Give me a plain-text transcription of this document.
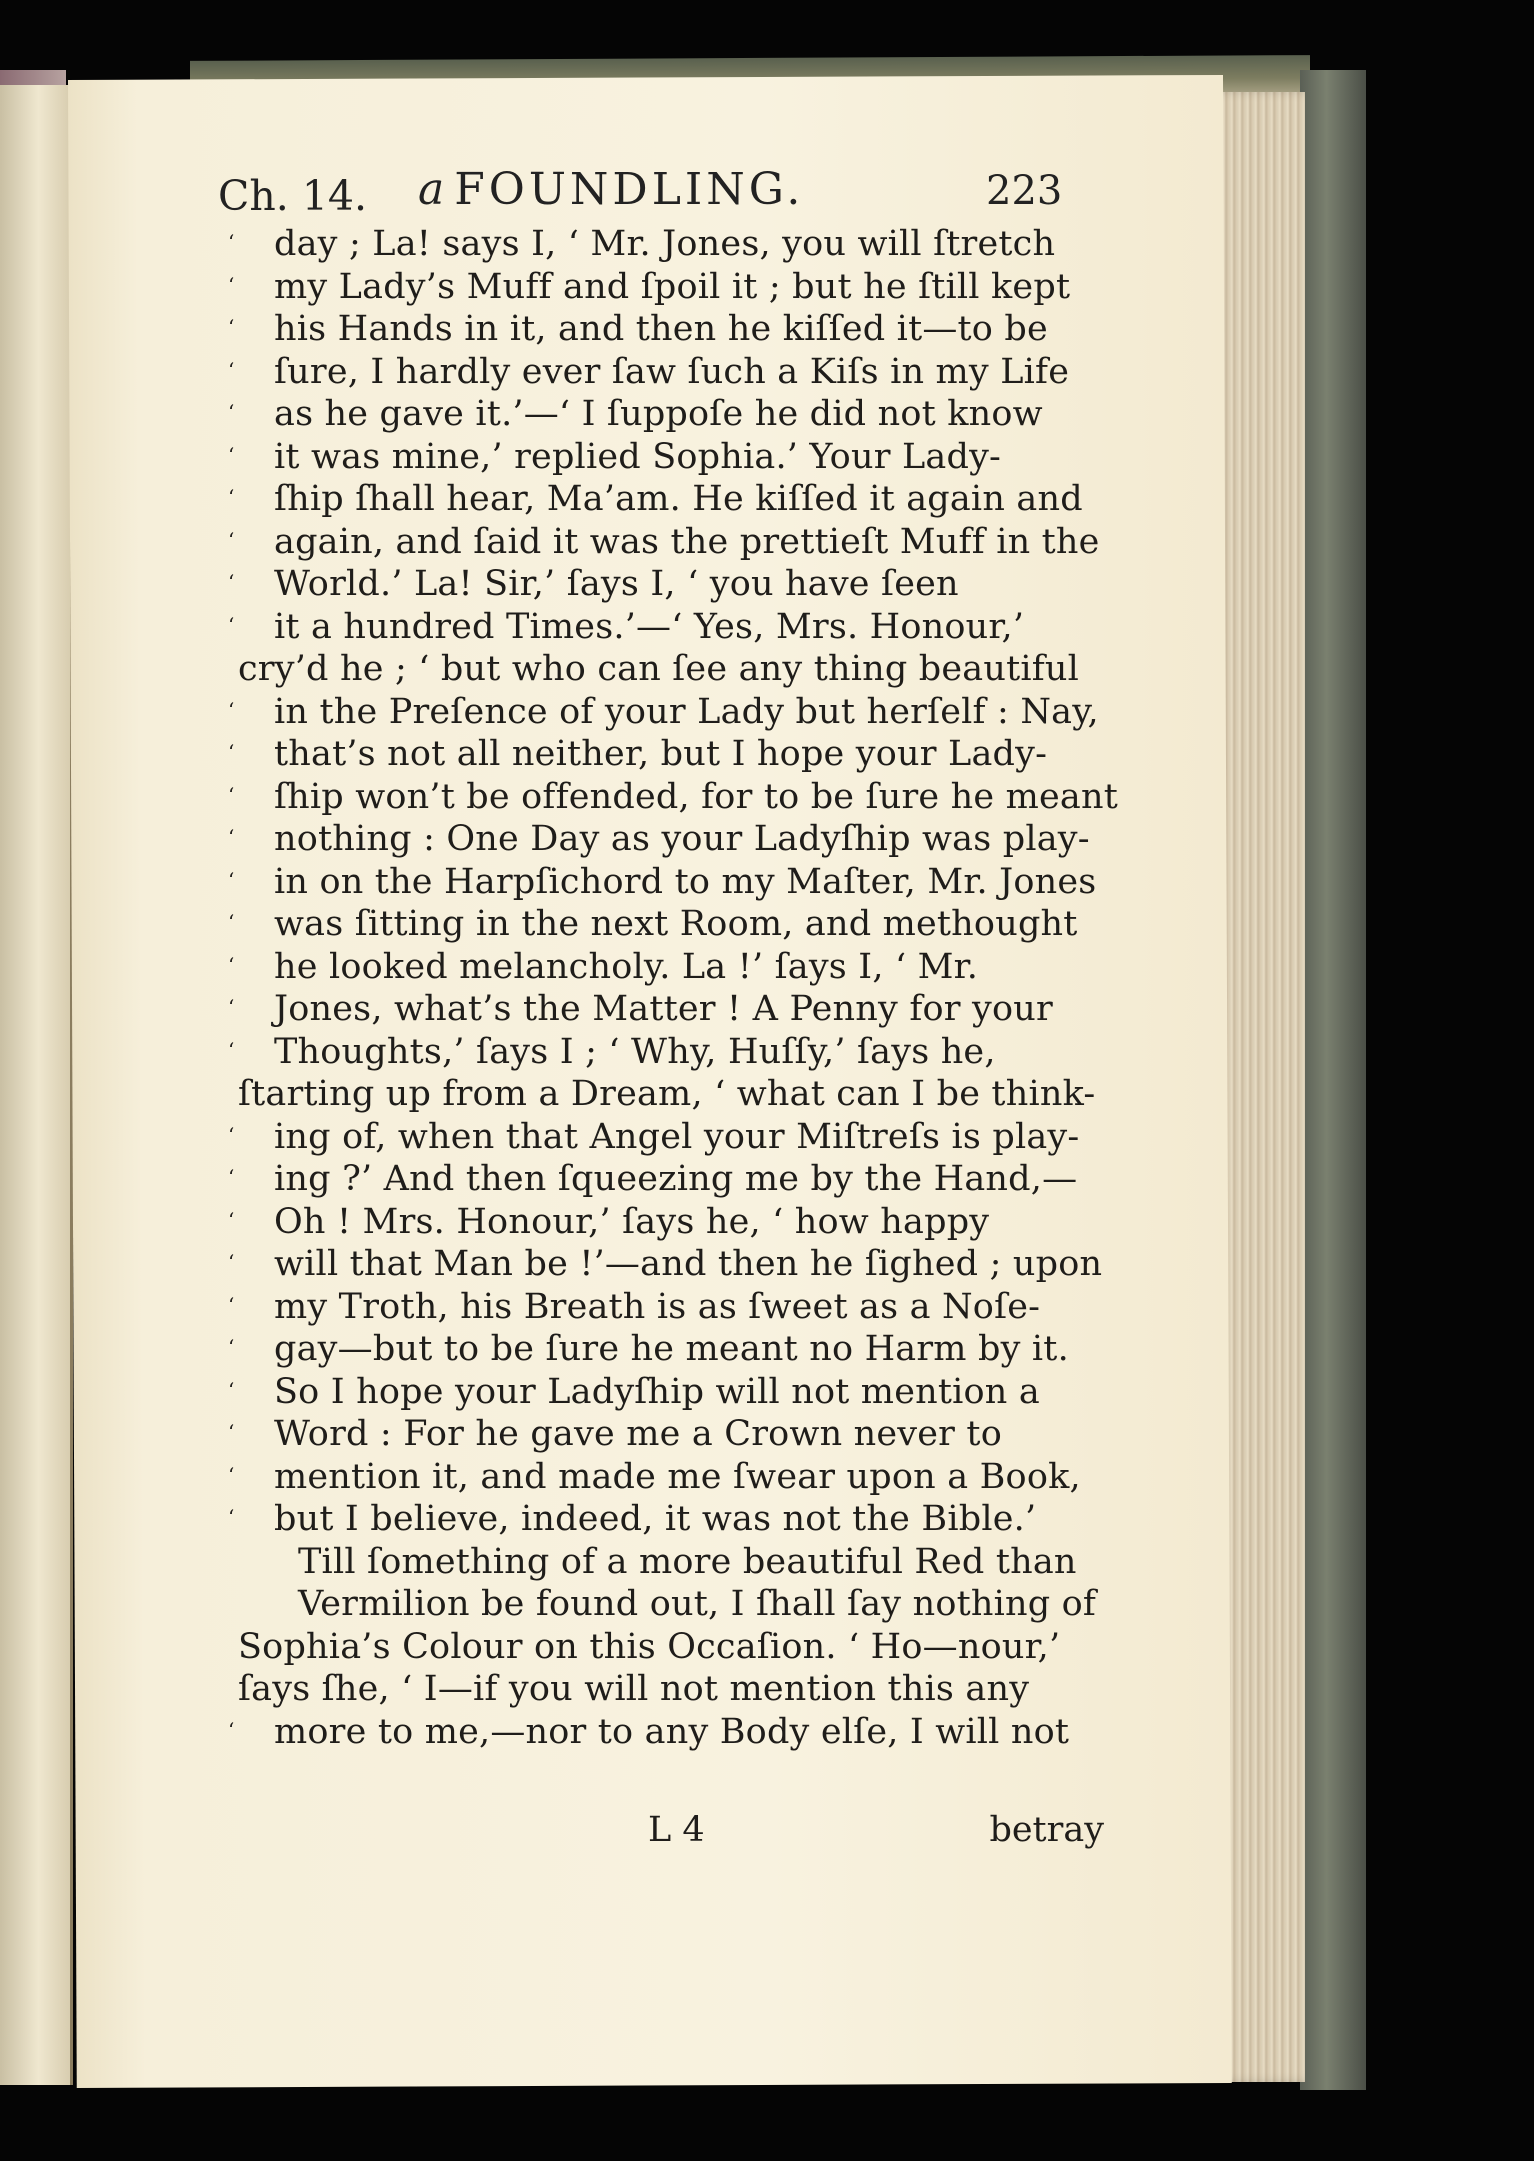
Ch. 14. a FOUNDLING.	223
‘ day ; La! says I, ‘ Mr. Jones, you will ſtretch
‘ my Lady’s Muff and ſpoil it ; but he ſtill kept
‘ his Hands in it, and then he kiſſed it—to be
‘ ſure, I hardly ever ſaw ſuch a Kiſs in my Life
‘ as he gave it.’—‘ I ſuppoſe he did not know
‘ it was mine,’ replied Sophia.’ Your Lady-
‘ ſhip ſhall hear, Ma’am. He kiſſed it again and
‘ again, and ſaid it was the prettieſt Muff in the
‘ World.’ La! Sir,’ ſays I, ‘ you have ſeen
‘ it a hundred Times.’—‘ Yes, Mrs. Honour,’
cry’d he ; ‘ but who can ſee any thing beautiful
‘ in the Preſence of your Lady but herſelf : Nay,
‘ that’s not all neither, but I hope your Lady-
‘ ſhip won’t be offended, for to be ſure he meant
‘ nothing : One Day as your Ladyſhip was play-
‘ in on the Harpſichord to my Maſter, Mr. Jones
‘ was ſitting in the next Room, and methought
‘ he looked melancholy. La !’ ſays I, ‘ Mr.
‘ Jones, what’s the Matter ! A Penny for your
‘ Thoughts,’ ſays I ; ‘ Why, Huſſy,’ ſays he,
ſtarting up from a Dream, ‘ what can I be think-
‘ ing of, when that Angel your Miſtreſs is play-
‘ ing ?’ And then ſqueezing me by the Hand,—
‘ Oh ! Mrs. Honour,’ ſays he, ‘ how happy
‘ will that Man be !’—and then he ſighed ; upon
‘ my Troth, his Breath is as ſweet as a Noſe-
‘ gay—but to be ſure he meant no Harm by it.
‘ So I hope your Ladyſhip will not mention a
‘ Word : For he gave me a Crown never to
‘ mention it, and made me ſwear upon a Book,
‘ but I believe, indeed, it was not the Bible.’
Till ſomething of a more beautiful Red than
Vermilion be found out, I ſhall ſay nothing of
Sophia’s Colour on this Occaſion. ‘ Ho—nour,’
ſays ſhe, ‘ I—if you will not mention this any
‘ more to me,—nor to any Body elſe, I will not
L 4	betray
